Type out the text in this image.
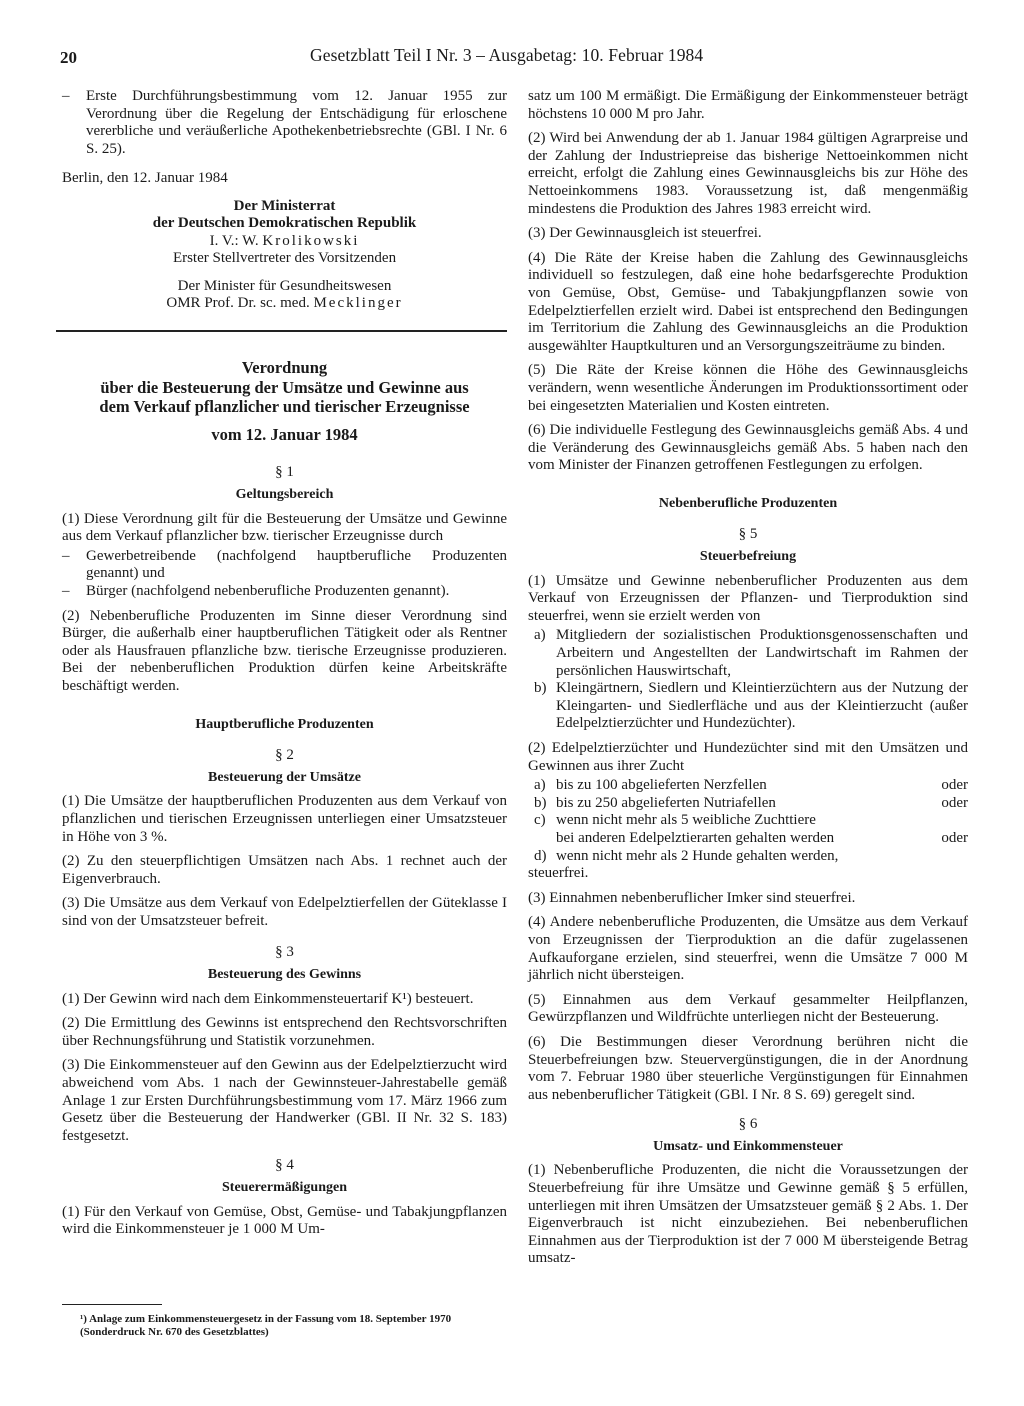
20	Gesetzblatt Teil I Nr. 3 – Ausgabetag: 10. Februar 1984

– Erste Durchführungsbestimmung vom 12. Januar 1955 zur Verordnung über die Regelung der Entschädigung für erloschene vererbliche und veräußerliche Apothekenbetriebsrechte (GBl. I Nr. 6 S. 25).

Berlin, den 12. Januar 1984

Der Ministerrat
der Deutschen Demokratischen Republik
I. V.: W. Krolikowski
Erster Stellvertreter des Vorsitzenden
Der Minister für Gesundheitswesen
OMR Prof. Dr. sc. med. Mecklinger
Verordnung
über die Besteuerung der Umsätze und Gewinne aus
dem Verkauf pflanzlicher und tierischer Erzeugnisse
vom 12. Januar 1984
§ 1
Geltungsbereich

(1) Diese Verordnung gilt für die Besteuerung der Umsätze und Gewinne aus dem Verkauf pflanzlicher bzw. tierischer Erzeugnisse durch

– Gewerbetreibende (nachfolgend hauptberufliche Produzenten genannt) und

– Bürger (nachfolgend nebenberufliche Produzenten genannt).

(2) Nebenberufliche Produzenten im Sinne dieser Verordnung sind Bürger, die außerhalb einer hauptberuflichen Tätigkeit oder als Rentner oder als Hausfrauen pflanzliche bzw. tierische Erzeugnisse produzieren. Bei der nebenberuflichen Produktion dürfen keine Arbeitskräfte beschäftigt werden.

Hauptberufliche Produzenten
§ 2
Besteuerung der Umsätze

(1) Die Umsätze der hauptberuflichen Produzenten aus dem Verkauf von pflanzlichen und tierischen Erzeugnissen unterliegen einer Umsatzsteuer in Höhe von 3 %.

(2) Zu den steuerpflichtigen Umsätzen nach Abs. 1 rechnet auch der Eigenverbrauch.

(3) Die Umsätze aus dem Verkauf von Edelpelztierfellen der Güteklasse I sind von der Umsatzsteuer befreit.

§ 3
Besteuerung des Gewinns

(1) Der Gewinn wird nach dem Einkommensteuertarif K¹) besteuert.

(2) Die Ermittlung des Gewinns ist entsprechend den Rechtsvorschriften über Rechnungsführung und Statistik vorzunehmen.

(3) Die Einkommensteuer auf den Gewinn aus der Edelpelztierzucht wird abweichend vom Abs. 1 nach der Gewinnsteuer-Jahrestabelle gemäß Anlage 1 zur Ersten Durchführungsbestimmung vom 17. März 1966 zum Gesetz über die Besteuerung der Handwerker (GBl. II Nr. 32 S. 183) festgesetzt.

§ 4
Steuerermäßigungen

(1) Für den Verkauf von Gemüse, Obst, Gemüse- und Tabakjungpflanzen wird die Einkommensteuer je 1 000 M Um-

¹) Anlage zum Einkommensteuergesetz in der Fassung vom 18. September 1970 (Sonderdruck Nr. 670 des Gesetzblattes)

satz um 100 M ermäßigt. Die Ermäßigung der Einkommensteuer beträgt höchstens 10 000 M pro Jahr.

(2) Wird bei Anwendung der ab 1. Januar 1984 gültigen Agrarpreise und der Zahlung der Industriepreise das bisherige Nettoeinkommen nicht erreicht, erfolgt die Zahlung eines Gewinnausgleichs bis zur Höhe des Nettoeinkommens 1983. Voraussetzung ist, daß mengenmäßig mindestens die Produktion des Jahres 1983 erreicht wird.

(3) Der Gewinnausgleich ist steuerfrei.

(4) Die Räte der Kreise haben die Zahlung des Gewinnausgleichs individuell so festzulegen, daß eine hohe bedarfsgerechte Produktion von Gemüse, Obst, Gemüse- und Tabakjungpflanzen sowie von Edelpelztierfellen erzielt wird. Dabei ist entsprechend den Bedingungen im Territorium die Zahlung des Gewinnausgleichs an die Produktion ausgewählter Hauptkulturen und an Versorgungszeiträume zu binden.

(5) Die Räte der Kreise können die Höhe des Gewinnausgleichs verändern, wenn wesentliche Änderungen im Produktionssortiment oder bei eingesetzten Materialien und Kosten eintreten.

(6) Die individuelle Festlegung des Gewinnausgleichs gemäß Abs. 4 und die Veränderung des Gewinnausgleichs gemäß Abs. 5 haben nach den vom Minister der Finanzen getroffenen Festlegungen zu erfolgen.

Nebenberufliche Produzenten
§ 5
Steuerbefreiung

(1) Umsätze und Gewinne nebenberuflicher Produzenten aus dem Verkauf von Erzeugnissen der Pflanzen- und Tierproduktion sind steuerfrei, wenn sie erzielt werden von

a) Mitgliedern der sozialistischen Produktionsgenossenschaften und Arbeitern und Angestellten der Landwirtschaft im Rahmen der persönlichen Hauswirtschaft,

b) Kleingärtnern, Siedlern und Kleintierzüchtern aus der Nutzung der Kleingarten- und Siedlerfläche und aus der Kleintierzucht (außer Edelpelztierzüchter und Hundezüchter).

(2) Edelpelztierzüchter und Hundezüchter sind mit den Umsätzen und Gewinnen aus ihrer Zucht

a) bis zu 100 abgelieferten Nerzfellen	oder
b) bis zu 250 abgelieferten Nutriafellen	oder
c) wenn nicht mehr als 5 weibliche Zuchttiere
bei anderen Edelpelztierarten gehalten werden	oder
d) wenn nicht mehr als 2 Hunde gehalten werden,

steuerfrei.

(3) Einnahmen nebenberuflicher Imker sind steuerfrei.

(4) Andere nebenberufliche Produzenten, die Umsätze aus dem Verkauf von Erzeugnissen der Tierproduktion an die dafür zugelassenen Aufkauforgane erzielen, sind steuerfrei, wenn die Umsätze 7 000 M jährlich nicht übersteigen.

(5) Einnahmen aus dem Verkauf gesammelter Heilpflanzen, Gewürzpflanzen und Wildfrüchte unterliegen nicht der Besteuerung.

(6) Die Bestimmungen dieser Verordnung berühren nicht die Steuerbefreiungen bzw. Steuervergünstigungen, die in der Anordnung vom 7. Februar 1980 über steuerliche Vergünstigungen für Einnahmen aus nebenberuflicher Tätigkeit (GBl. I Nr. 8 S. 69) geregelt sind.

§ 6
Umsatz- und Einkommensteuer

(1) Nebenberufliche Produzenten, die nicht die Voraussetzungen der Steuerbefreiung für ihre Umsätze und Gewinne gemäß § 5 erfüllen, unterliegen mit ihren Umsätzen der Umsatzsteuer gemäß § 2 Abs. 1. Der Eigenverbrauch ist nicht einzubeziehen. Bei nebenberuflichen Einnahmen aus der Tierproduktion ist der 7 000 M übersteigende Betrag umsatz-
